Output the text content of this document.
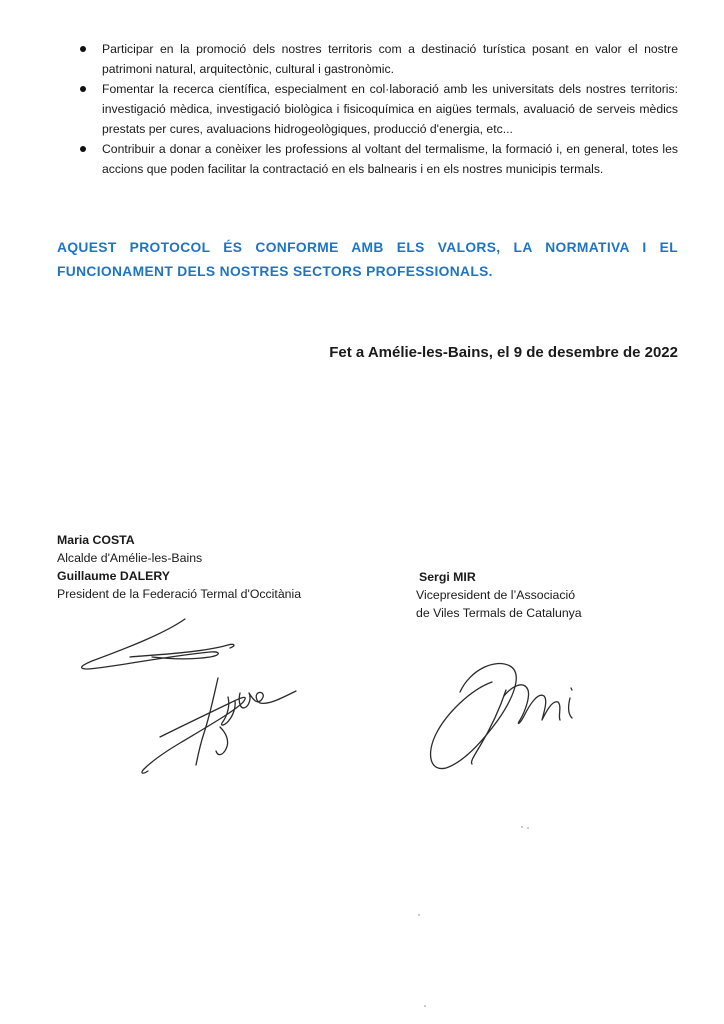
Participar en la promoció dels nostres territoris com a destinació turística posant en valor el nostre patrimoni natural, arquitectònic, cultural i gastronòmic.
Fomentar la recerca científica, especialment en col·laboració amb les universitats dels nostres territoris: investigació mèdica, investigació biològica i fisicoquímica en aigües termals, avaluació de serveis mèdics prestats per cures, avaluacions hidrogeològiques, producció d'energia, etc...
Contribuir a donar a conèixer les professions al voltant del termalisme, la formació i, en general, totes les accions que poden facilitar la contractació en els balnearis i en els nostres municipis termals.

AQUEST PROTOCOL ÉS CONFORME AMB ELS VALORS, LA NORMATIVA I EL FUNCIONAMENT DELS NOSTRES SECTORS PROFESSIONALS.

Fet a Amélie-les-Bains, el 9 de desembre de 2022

Maria COSTA
Alcalde d'Amélie-les-Bains
Guillaume DALERY
President de la Federació Termal d'Occitània
Sergi MIR
Vicepresident de l’Associació
de Viles Termals de Catalunya
